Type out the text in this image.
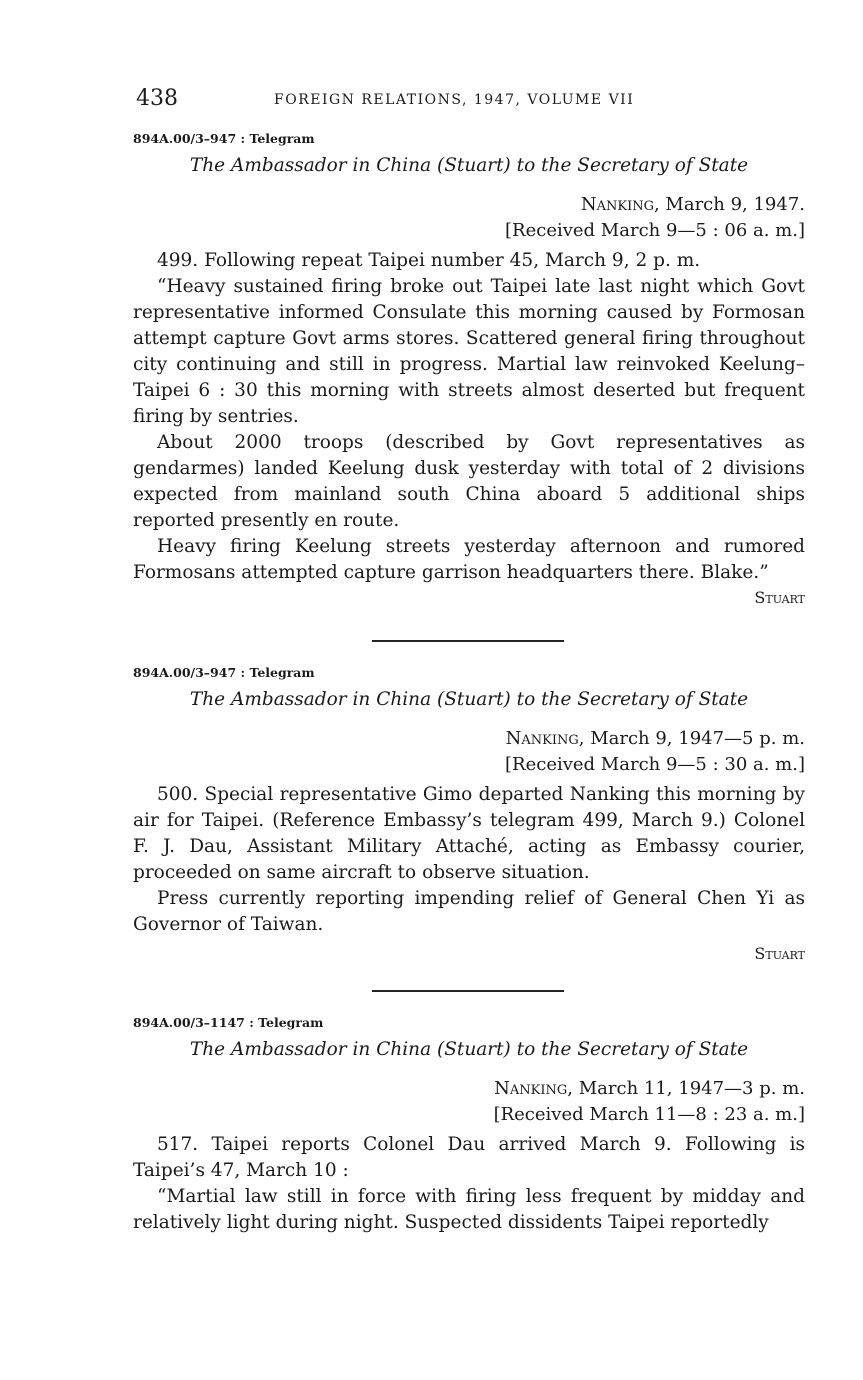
438	FOREIGN RELATIONS, 1947, VOLUME VII

894A.00/3–947 : Telegram

The Ambassador in China (Stuart) to the Secretary of State

Nanking, March 9, 1947.

[Received March 9—5 : 06 a. m.]

499. Following repeat Taipei number 45, March 9, 2 p. m.

“Heavy sustained firing broke out Taipei late last night which Govt representative informed Consulate this morning caused by Formosan attempt capture Govt arms stores. Scattered general firing throughout city continuing and still in progress. Martial law reinvoked Keelung–Taipei 6 : 30 this morning with streets almost deserted but frequent firing by sentries.

About 2000 troops (described by Govt representatives as gendarmes) landed Keelung dusk yesterday with total of 2 divisions expected from mainland south China aboard 5 additional ships reported presently en route.

Heavy firing Keelung streets yesterday afternoon and rumored Formosans attempted capture garrison headquarters there. Blake.”

Stuart

894A.00/3–947 : Telegram

The Ambassador in China (Stuart) to the Secretary of State

Nanking, March 9, 1947—5 p. m.

[Received March 9—5 : 30 a. m.]

500. Special representative Gimo departed Nanking this morning by air for Taipei. (Reference Embassy’s telegram 499, March 9.) Colonel F. J. Dau, Assistant Military Attaché, acting as Embassy courier, proceeded on same aircraft to observe situation.

Press currently reporting impending relief of General Chen Yi as Governor of Taiwan.

Stuart

894A.00/3–1147 : Telegram

The Ambassador in China (Stuart) to the Secretary of State

Nanking, March 11, 1947—3 p. m.

[Received March 11—8 : 23 a. m.]

517. Taipei reports Colonel Dau arrived March 9. Following is Taipei’s 47, March 10 :

“Martial law still in force with firing less frequent by midday and relatively light during night. Suspected dissidents Taipei reportedly
